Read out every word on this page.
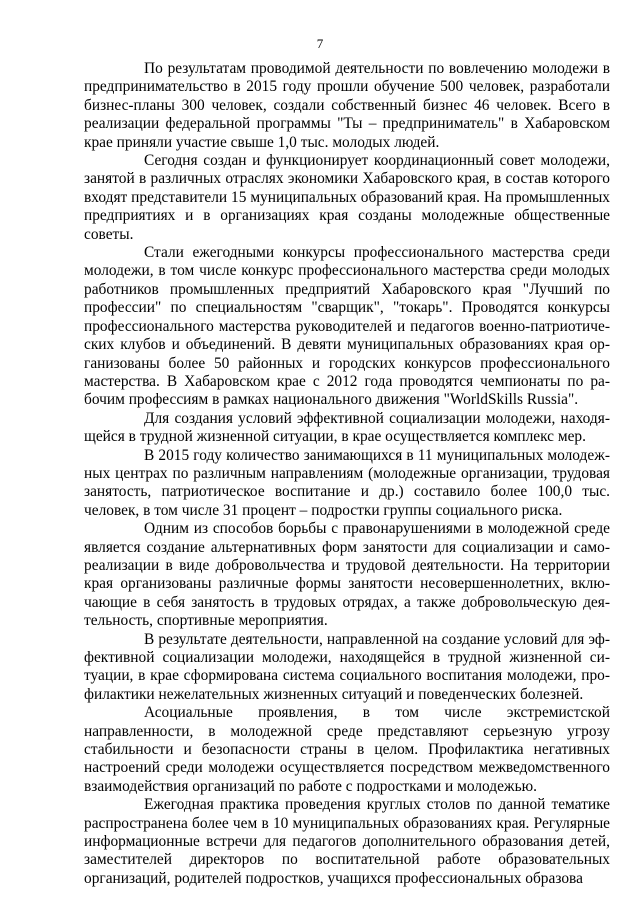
7

По результатам проводимой деятельности по вовлечению молодежи в предпринимательство в 2015 году прошли обучение 500 человек, разработали бизнес-планы 300 человек, создали собственный бизнес 46 человек. Всего в реализации федеральной программы "Ты – предприниматель" в Хабаровском крае приняли участие свыше 1,0 тыс. молодых людей.

Сегодня создан и функционирует координационный совет молодежи, занятой в различных отраслях экономики Хабаровского края, в состав которого входят представители 15 муниципальных образований края. На промышленных предприятиях и в организациях края созданы молодежные общественные советы.

Стали ежегодными конкурсы профессионального мастерства среди молодежи, в том числе конкурс профессионального мастерства среди молодых работников промышленных предприятий Хабаровского края "Лучший по профессии" по специальностям "сварщик", "токарь". Проводятся конкурсы профессионального мастерства руководителей и педагогов военно-патриотических клубов и объединений. В девяти муниципальных образованиях края организованы более 50 районных и городских конкурсов профессионального мастерства. В Хабаровском крае с 2012 года проводятся чемпионаты по рабочим профессиям в рамках национального движения "WorldSkills Russia".

Для создания условий эффективной социализации молодежи, находящейся в трудной жизненной ситуации, в крае осуществляется комплекс мер.

В 2015 году количество занимающихся в 11 муниципальных молодежных центрах по различным направлениям (молодежные организации, трудовая занятость, патриотическое воспитание и др.) составило более 100,0 тыс. человек, в том числе 31 процент – подростки группы социального риска.

Одним из способов борьбы с правонарушениями в молодежной среде является создание альтернативных форм занятости для социализации и самореализации в виде добровольчества и трудовой деятельности. На территории края организованы различные формы занятости несовершеннолетних, включающие в себя занятость в трудовых отрядах, а также добровольческую деятельность, спортивные мероприятия.

В результате деятельности, направленной на создание условий для эффективной социализации молодежи, находящейся в трудной жизненной ситуации, в крае сформирована система социального воспитания молодежи, профилактики нежелательных жизненных ситуаций и поведенческих болезней.

Асоциальные проявления, в том числе экстремистской направленности, в молодежной среде представляют серьезную угрозу стабильности и безопасности страны в целом. Профилактика негативных настроений среди молодежи осуществляется посредством межведомственного взаимодействия организаций по работе с подростками и молодежью.

Ежегодная практика проведения круглых столов по данной тематике распространена более чем в 10 муниципальных образованиях края. Регулярные информационные встречи для педагогов дополнительного образования детей, заместителей директоров по воспитательной работе образовательных организаций, родителей подростков, учащихся профессиональных образова
